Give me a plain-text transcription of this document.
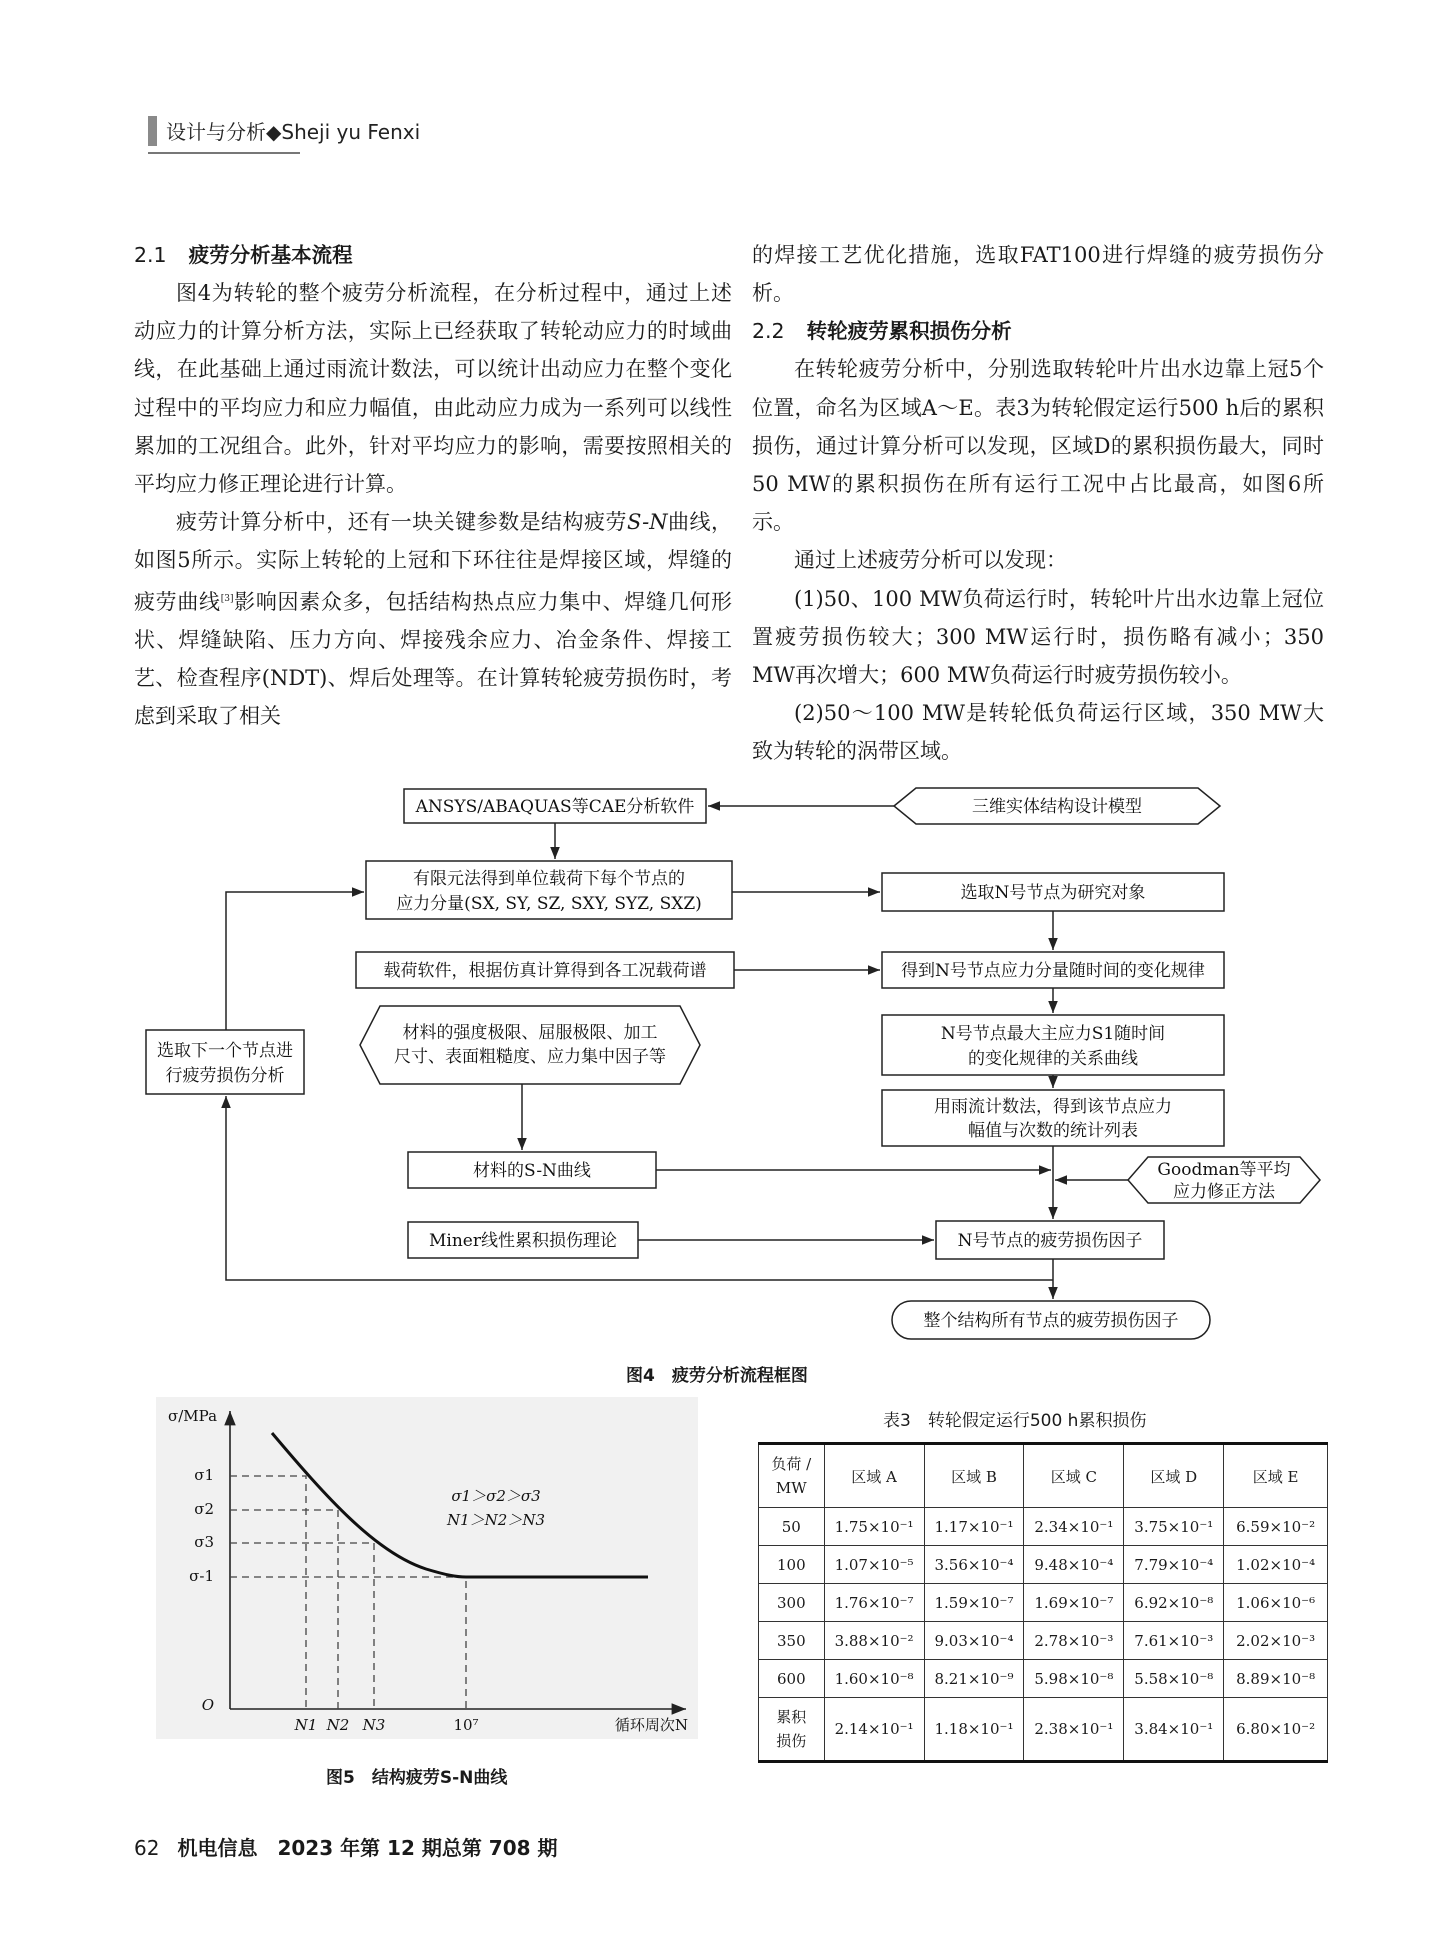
设计与分析◆Sheji yu Fenxi
2.1 疲劳分析基本流程

图4为转轮的整个疲劳分析流程，在分析过程中，通过上述动应力的计算分析方法，实际上已经获取了转轮动应力的时域曲线，在此基础上通过雨流计数法，可以统计出动应力在整个变化过程中的平均应力和应力幅值，由此动应力成为一系列可以线性累加的工况组合。此外，针对平均应力的影响，需要按照相关的平均应力修正理论进行计算。

疲劳计算分析中，还有一块关键参数是结构疲劳S-N曲线，如图5所示。实际上转轮的上冠和下环往往是焊接区域，焊缝的疲劳曲线[3]影响因素众多，包括结构热点应力集中、焊缝几何形状、焊缝缺陷、压力方向、焊接残余应力、冶金条件、焊接工艺、检查程序(NDT)、焊后处理等。在计算转轮疲劳损伤时，考虑到采取了相关

的焊接工艺优化措施，选取FAT100进行焊缝的疲劳损伤分析。

2.2 转轮疲劳累积损伤分析

在转轮疲劳分析中，分别选取转轮叶片出水边靠上冠5个位置，命名为区域A～E。表3为转轮假定运行500 h后的累积损伤，通过计算分析可以发现，区域D的累积损伤最大，同时50 MW的累积损伤在所有运行工况中占比最高，如图6所示。

通过上述疲劳分析可以发现：

(1)50、100 MW负荷运行时，转轮叶片出水边靠上冠位置疲劳损伤较大；300 MW运行时，损伤略有减小；350 MW再次增大；600 MW负荷运行时疲劳损伤较小。

(2)50～100 MW是转轮低负荷运行区域，350 MW大致为转轮的涡带区域。

ANSYS/ABAQUAS等CAE分析软件	三维实体结构设计模型
有限元法得到单位载荷下每个节点的
应力分量(SX, SY, SZ, SXY, SYZ, SXZ)
选取N号节点为研究对象
载荷软件，根据仿真计算得到各工况载荷谱	得到N号节点应力分量随时间的变化规律
材料的强度极限、屈服极限、加工
尺寸、表面粗糙度、应力集中因子等
N号节点最大主应力S1随时间
的变化规律的关系曲线
选取下一个节点进
行疲劳损伤分析
用雨流计数法，得到该节点应力
幅值与次数的统计列表
材料的S-N曲线	Goodman等平均
应力修正方法
Miner线性累积损伤理论	N号节点的疲劳损伤因子
整个结构所有节点的疲劳损伤因子
图4　疲劳分析流程框图
σ/MPa
σ1
σ2
σ3
σ-1
O
N1 N2 N3	10⁷	循环周次N
σ1＞σ2＞σ3
N1＞N2＞N3
图5　结构疲劳S-N曲线
表3　转轮假定运行500 h累积损伤
负荷 / MW	区域 A	区域 B	区域 C	区域 D	区域 E
50	1.75×10⁻¹	1.17×10⁻¹	2.34×10⁻¹	3.75×10⁻¹	6.59×10⁻²
100	1.07×10⁻⁵	3.56×10⁻⁴	9.48×10⁻⁴	7.79×10⁻⁴	1.02×10⁻⁴
300	1.76×10⁻⁷	1.59×10⁻⁷	1.69×10⁻⁷	6.92×10⁻⁸	1.06×10⁻⁶
350	3.88×10⁻²	9.03×10⁻⁴	2.78×10⁻³	7.61×10⁻³	2.02×10⁻³
600	1.60×10⁻⁸	8.21×10⁻⁹	5.98×10⁻⁸	5.58×10⁻⁸	8.89×10⁻⁸
累积损伤	2.14×10⁻¹	1.18×10⁻¹	2.38×10⁻¹	3.84×10⁻¹	6.80×10⁻²
62 机电信息　2023 年第 12 期总第 708 期
